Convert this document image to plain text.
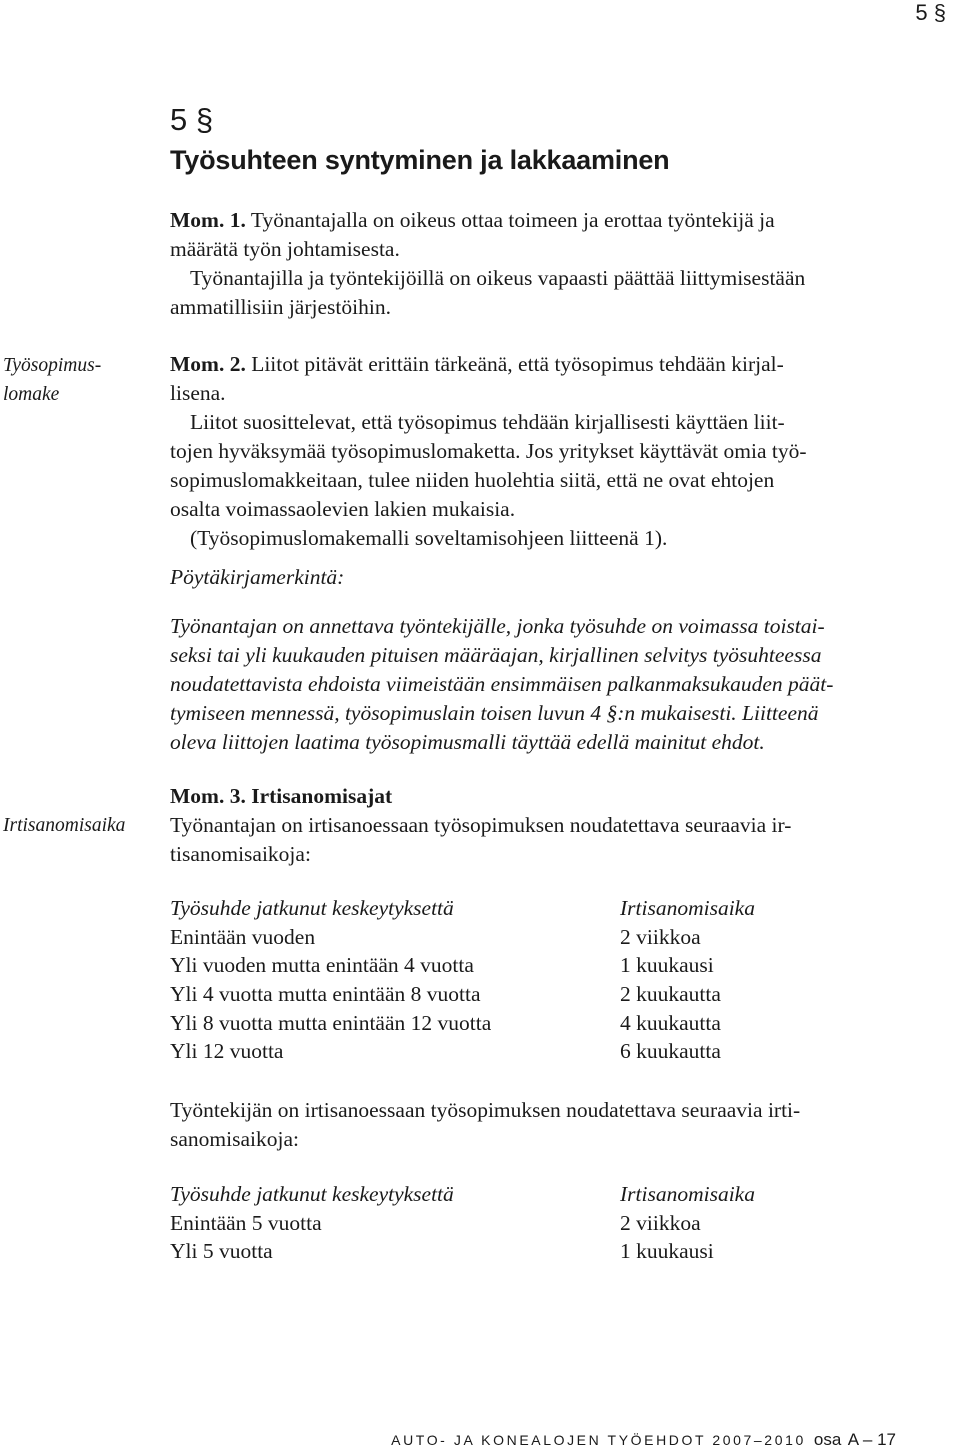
5 §
5 §
Työsuhteen syntyminen ja lakkaaminen
Mom. 1. Työnantajalla on oikeus ottaa toimeen ja erottaa työntekijä ja
määrätä työn johtamisesta.
Työnantajilla ja työntekijöillä on oikeus vapaasti päättää liittymisestään
ammatillisiin järjestöihin.
Työsopimus-
lomake
Irtisanomisaika
Mom. 2. Liitot pitävät erittäin tärkeänä, että työsopimus tehdään kirjal-
lisena.
Liitot suosittelevat, että työsopimus tehdään kirjallisesti käyttäen liit-
tojen hyväksymää työsopimuslomaketta. Jos yritykset käyttävät omia työ-
sopimuslomakkeitaan, tulee niiden huolehtia siitä, että ne ovat ehtojen
osalta voimassaolevien lakien mukaisia.
(Työsopimuslomakemalli soveltamisohjeen liitteenä 1).
Pöytäkirjamerkintä:
Työnantajan on annettava työntekijälle, jonka työsuhde on voimassa toistai-
seksi tai yli kuukauden pituisen määräajan, kirjallinen selvitys työsuhteessa
noudatettavista ehdoista viimeistään ensimmäisen palkanmaksukauden päät-
tymiseen mennessä, työsopimuslain toisen luvun 4 §:n mukaisesti. Liitteenä
oleva liittojen laatima työsopimusmalli täyttää edellä mainitut ehdot.
Mom. 3. Irtisanomisajat
Työnantajan on irtisanoessaan työsopimuksen noudatettava seuraavia ir-
tisanomisaikoja:
Työsuhde jatkunut keskeytyksettä	Irtisanomisaika
Enintään vuoden	2 viikkoa
Yli vuoden mutta enintään 4 vuotta	1 kuukausi
Yli 4 vuotta mutta enintään 8 vuotta	2 kuukautta
Yli 8 vuotta mutta enintään 12 vuotta	4 kuukautta
Yli 12 vuotta	6 kuukautta
Työntekijän on irtisanoessaan työsopimuksen noudatettava seuraavia irti-
sanomisaikoja:
Työsuhde jatkunut keskeytyksettä	Irtisanomisaika
Enintään 5 vuotta	2 viikkoa
Yli 5 vuotta	1 kuukausi
AUTO- JA KONEALOJEN TYÖEHDOT 2007–2010 osa A – 17
